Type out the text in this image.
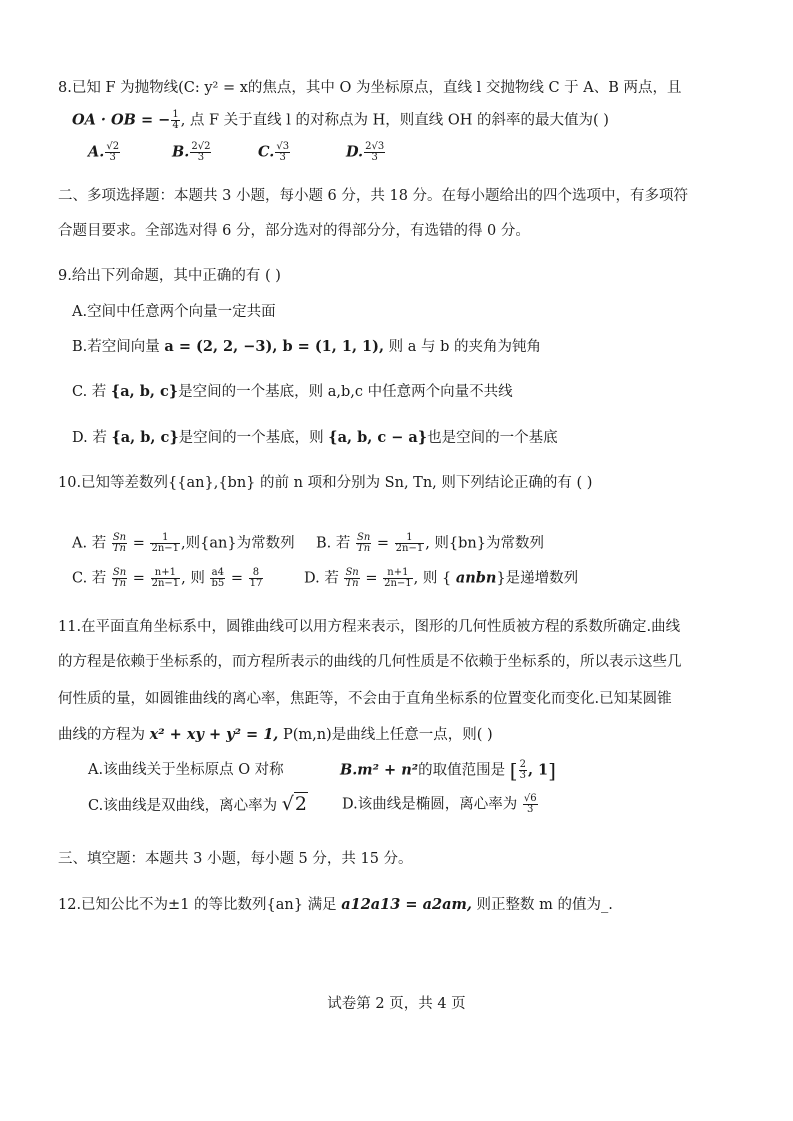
8.已知 F 为抛物线(C: y² = x的焦点，其中 O 为坐标原点，直线 l 交抛物线 C 于 A、B 两点，且
OA · OB = − $\frac{1}{4}$ , 点 F 关于直线 l 的对称点为 H，则直线 OH 的斜率的最大值为( )
A. $\frac{√2}{3}$	B. $\frac{2√2}{3}$	C. $\frac{√3}{3}$	D. $\frac{2√3}{3}$
二、多项选择题：本题共 3 小题，每小题 6 分，共 18 分。在每小题给出的四个选项中，有多项符
合题目要求。全部选对得 6 分，部分选对的得部分分，有选错的得 0 分。
9.给出下列命题，其中正确的有 ( )
A.空间中任意两个向量一定共面
B.若空间向量 a = (2, 2, −3), b = (1, 1, 1), 则 a 与 b 的夹角为钝角
C. 若 {a, b, c}是空间的一个基底，则 a,b,c 中任意两个向量不共线
D. 若 {a, b, c}是空间的一个基底，则 {a, b, c − a}也是空间的一个基底
10.已知等差数列{{an},{bn} 的前 n 项和分别为 Sn, Tn, 则下列结论正确的有 ( )
A. 若 $\frac{Sn}{Tn} = \frac{1}{2n-1}$ ,则{an}为常数列 B. 若 $\frac{Sn}{Tn} = \frac{1}{2n-1}$ , 则{bn}为常数列
C. 若 $\frac{Sn}{Tn} = \frac{n+1}{2n-1}$ , 则 $\frac{a4}{b5} = \frac{8}{17}$	D. 若 $\frac{Sn}{Tn} = \frac{n+1}{2n-1}$ , 则 { anbn}是递增数列
11.在平面直角坐标系中，圆锥曲线可以用方程来表示，图形的几何性质被方程的系数所确定.曲线
的方程是依赖于坐标系的，而方程所表示的曲线的几何性质是不依赖于坐标系的，所以表示这些几
何性质的量，如圆锥曲线的离心率，焦距等，不会由于直角坐标系的位置变化而变化.已知某圆锥
曲线的方程为 x² + xy + y² = 1, P(m,n)是曲线上任意一点，则( )
A.该曲线关于坐标原点 O 对称	B.m² + n²的取值范围是 [ $\frac{2}{3}$ , 1]
C.该曲线是双曲线，离心率为 √2 D.该曲线是椭圆，离心率为 $\frac{√6}{3}$
三、填空题：本题共 3 小题，每小题 5 分，共 15 分。
12.已知公比不为±1 的等比数列{an} 满足 a12a13 = a2am, 则正整数 m 的值为_.
试卷第 2 页，共 4 页
